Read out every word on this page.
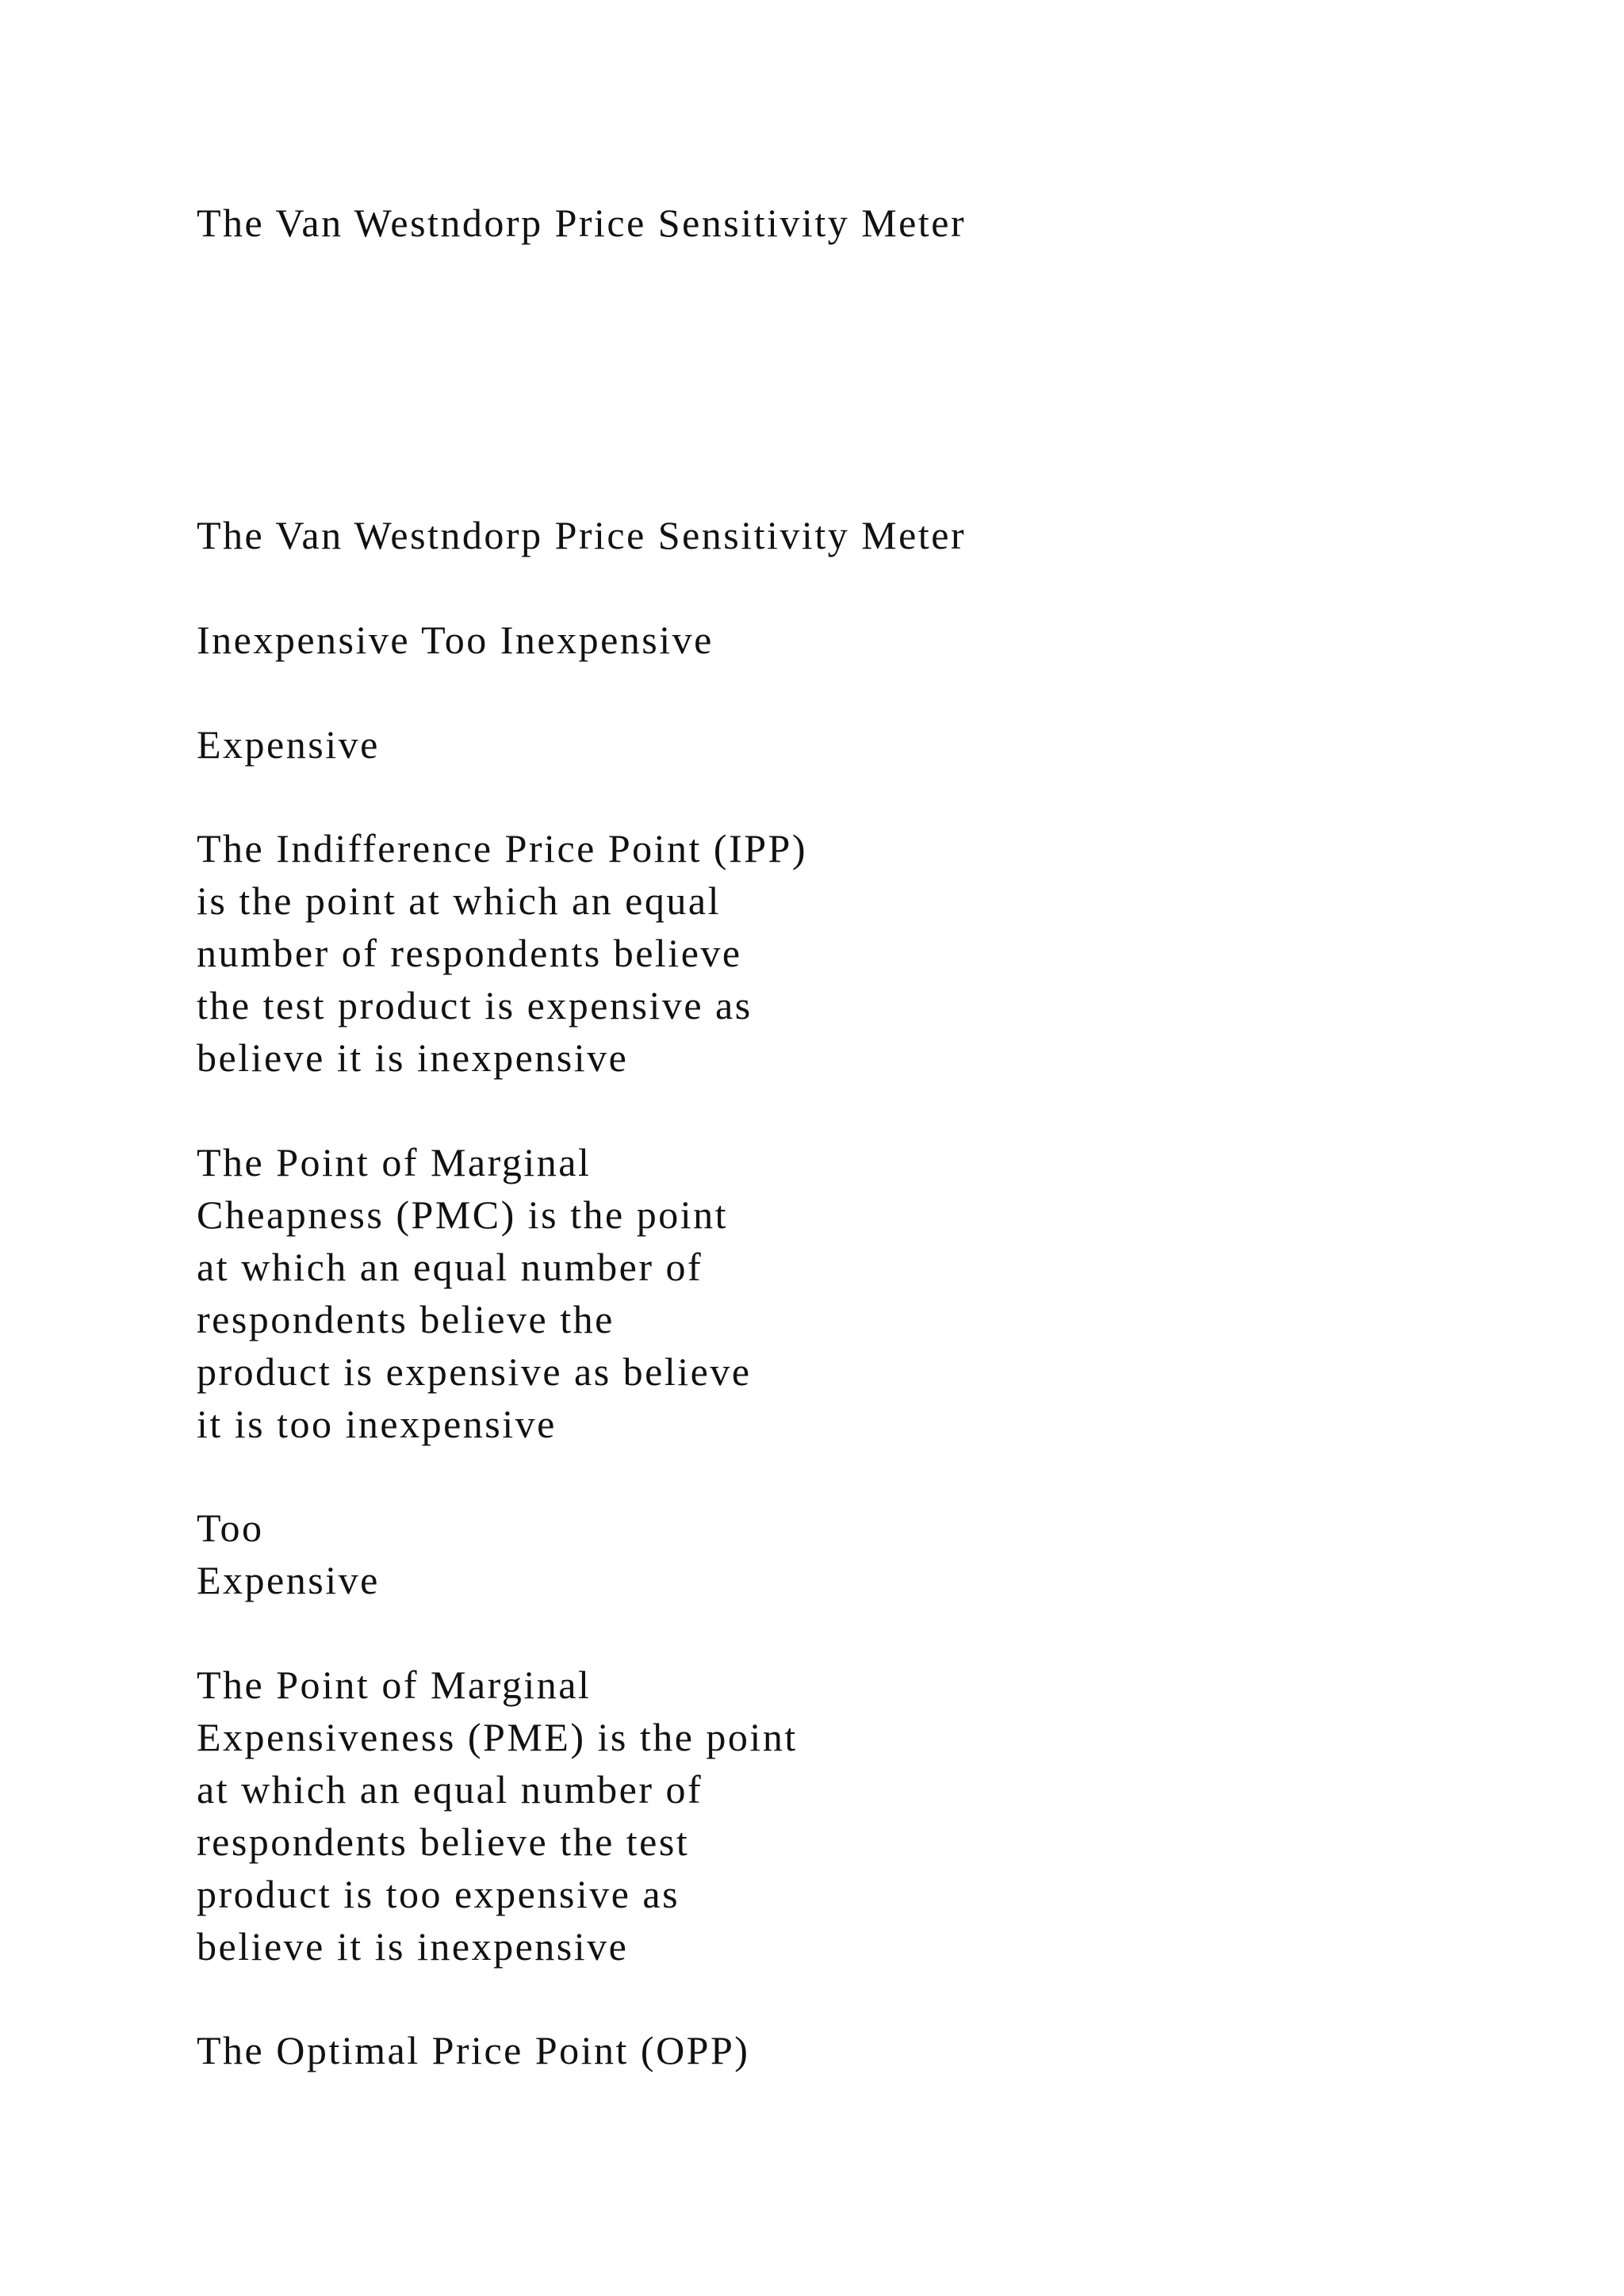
The Van Westndorp Price Sensitivity Meter

The Van Westndorp Price Sensitivity Meter

Inexpensive Too Inexpensive

Expensive

The Indifference Price Point (IPP)

is the point at which an equal

number of respondents believe

the test product is expensive as

believe it is inexpensive

The Point of Marginal

Cheapness (PMC) is the point

at which an equal number of

respondents believe the

product is expensive as believe

it is too inexpensive

Too

Expensive

The Point of Marginal

Expensiveness (PME) is the point

at which an equal number of

respondents believe the test

product is too expensive as

believe it is inexpensive

The Optimal Price Point (OPP)
